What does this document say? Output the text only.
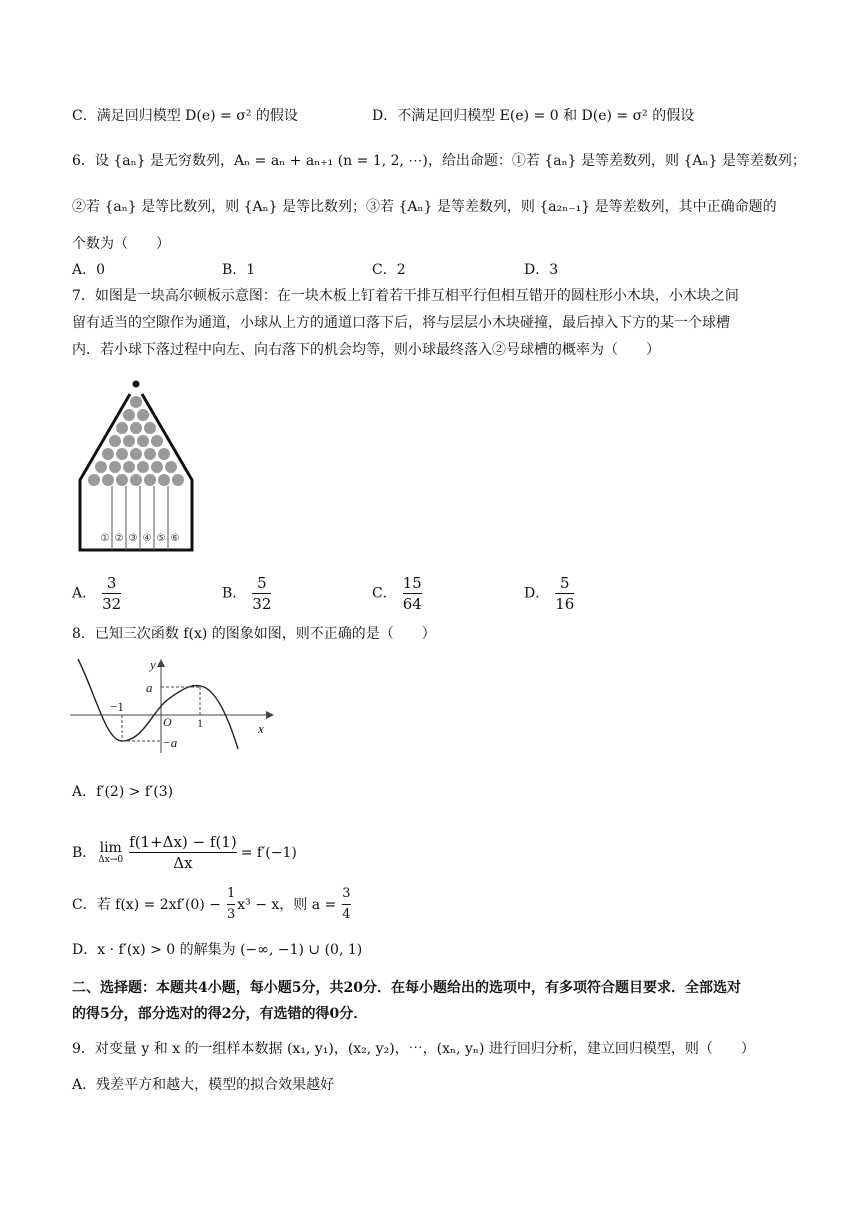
C．满足回归模型 D(e) = σ² 的假设	D．不满足回归模型 E(e) = 0 和 D(e) = σ² 的假设
6．设 {aₙ} 是无穷数列，Aₙ = aₙ + aₙ₊₁ (n = 1, 2, ⋯)，给出命题：①若 {aₙ} 是等差数列，则 {Aₙ} 是等差数列；
②若 {aₙ} 是等比数列，则 {Aₙ} 是等比数列；③若 {Aₙ} 是等差数列，则 {a₂ₙ₋₁} 是等差数列，其中正确命题的
个数为（　　）
A．0	B．1	C．2	D．3
7．如图是一块高尔顿板示意图：在一块木板上钉着若干排互相平行但相互错开的圆柱形小木块，小木块之间
留有适当的空隙作为通道，小球从上方的通道口落下后，将与层层小木块碰撞，最后掉入下方的某一个球槽
内．若小球下落过程中向左、向右落下的机会均等，则小球最终落入②号球槽的概率为（　　）
① ② ③ ④ ⑤ ⑥
A． $\frac{3}{32}$	B． $\frac{5}{32}$	C． $\frac{15}{64}$	D． $\frac{5}{16}$
8．已知三次函数 f(x) 的图象如图，则不正确的是（　　）
y
x
a
−a
−1
O 1
A．f′(2) > f′(3)
B． lim
$\Delta x\to 0 \frac{f(1+\Delta x) - f(1)}{\Delta x} = f'(-1)$
C．若 $f(x) = 2xf'(0) - \frac{1}{3} x^3 - x$，则 $a = \frac{3}{4}$
D．x · f′(x) > 0 的解集为 (−∞, −1) ∪ (0, 1)
二、选择题：本题共4小题，每小题5分，共20分．在每小题给出的选项中，有多项符合题目要求．全部选对
的得5分，部分选对的得2分，有选错的得0分．
9．对变量 y 和 x 的一组样本数据 (x₁, y₁)，(x₂, y₂)，⋯，(xₙ, yₙ) 进行回归分析，建立回归模型，则（　　）
A．残差平方和越大，模型的拟合效果越好
